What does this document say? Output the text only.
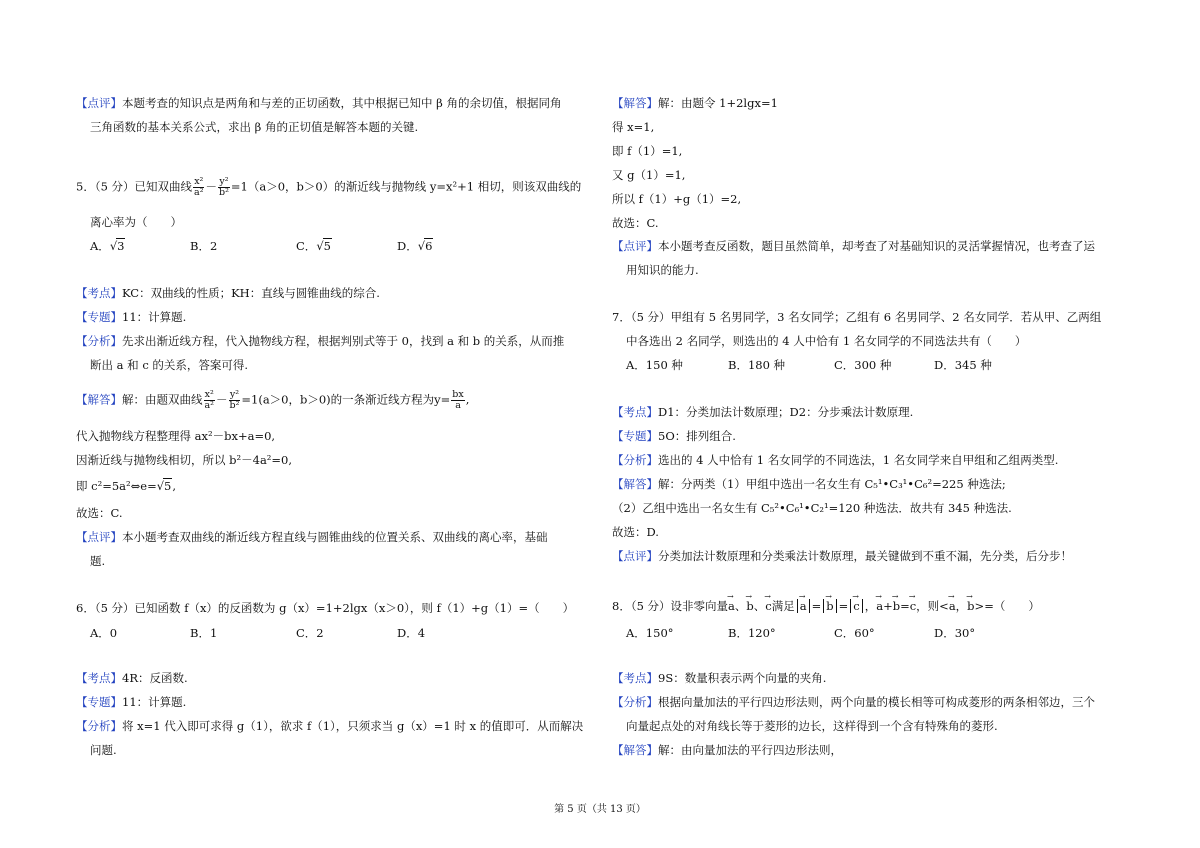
【点评】本题考查的知识点是两角和与差的正切函数，其中根据已知中 β 角的余切值，根据同角
三角函数的基本关系公式，求出 β 角的正切值是解答本题的关键.
5．（5 分）已知双曲线 $\frac{\text{x²}}{\text{a²}} - \frac{\text{y²}}{\text{b²}} =1(a>0$，b＞0）的渐近线与抛物线 y=x²+1 相切，则该双曲线的
离心率为（　　）
A．√3	B．2	C．√5	D．√6
【考点】KC：双曲线的性质；KH：直线与圆锥曲线的综合.
【专题】11：计算题.
【分析】先求出渐近线方程，代入抛物线方程，根据判别式等于 0，找到 a 和 b 的关系，从而推
断出 a 和 c 的关系，答案可得.
【解答】解：由题双曲线 $\frac{\text{x²}}{\text{a²}} - \frac{\text{y²}}{\text{b²}} =1(a>0$，b＞0)的一条渐近线方程为$y= \frac{bx}{a}$ ,
代入抛物线方程整理得 ax²－bx+a=0,
因渐近线与抛物线相切，所以 b²－4a²=0,
即 c²=5a²⇔e=√5,
故选：C.
【点评】本小题考查双曲线的渐近线方程直线与圆锥曲线的位置关系、双曲线的离心率，基础
题.
6．（5 分）已知函数 f（x）的反函数为 g（x）=1+2lgx（x＞0），则 f（1）+g（1）=（　　）
A．0	B．1	C．2	D．4
【考点】4R：反函数.
【专题】11：计算题.
【分析】将 x=1 代入即可求得 g（1），欲求 f（1），只须求当 g（x）=1 时 x 的值即可．从而解决
问题.
【解答】解：由题令 1+2lgx=1
得 x=1,
即 f（1）=1,
又 g（1）=1,
所以 f（1）+g（1）=2,
故选：C.
【点评】本小题考查反函数，题目虽然简单，却考查了对基础知识的灵活掌握情况，也考查了运
用知识的能力.
7．（5 分）甲组有 5 名男同学，3 名女同学；乙组有 6 名男同学、2 名女同学．若从甲、乙两组
中各选出 2 名同学，则选出的 4 人中恰有 1 名女同学的不同选法共有（　　）
A．150 种	B．180 种	C．300 种	D．345 种
【考点】D1：分类加法计数原理；D2：分步乘法计数原理.
【专题】5O：排列组合.
【分析】选出的 4 人中恰有 1 名女同学的不同选法，1 名女同学来自甲组和乙组两类型.
【解答】解：分两类（1）甲组中选出一名女生有 C₅¹•C₃¹•C₆²=225 种选法;
（2）乙组中选出一名女生有 C₅²•C₆¹•C₂¹=120 种选法．故共有 345 种选法.
故选：D.
【点评】分类加法计数原理和分类乘法计数原理，最关键做到不重不漏，先分类，后分步！
8．（5 分）设非零向量→ a、→ b、→ c满足 → a = → b = → c ，→ a+→ b=→ c，则<→ a，→ b>=（　　）
A．150°	B．120°	C．60°	D．30°
【考点】9S：数量积表示两个向量的夹角.
【分析】根据向量加法的平行四边形法则，两个向量的模长相等可构成菱形的两条相邻边，三个
向量起点处的对角线长等于菱形的边长，这样得到一个含有特殊角的菱形.
【解答】解：由向量加法的平行四边形法则，
第 5 页（共 13 页）
